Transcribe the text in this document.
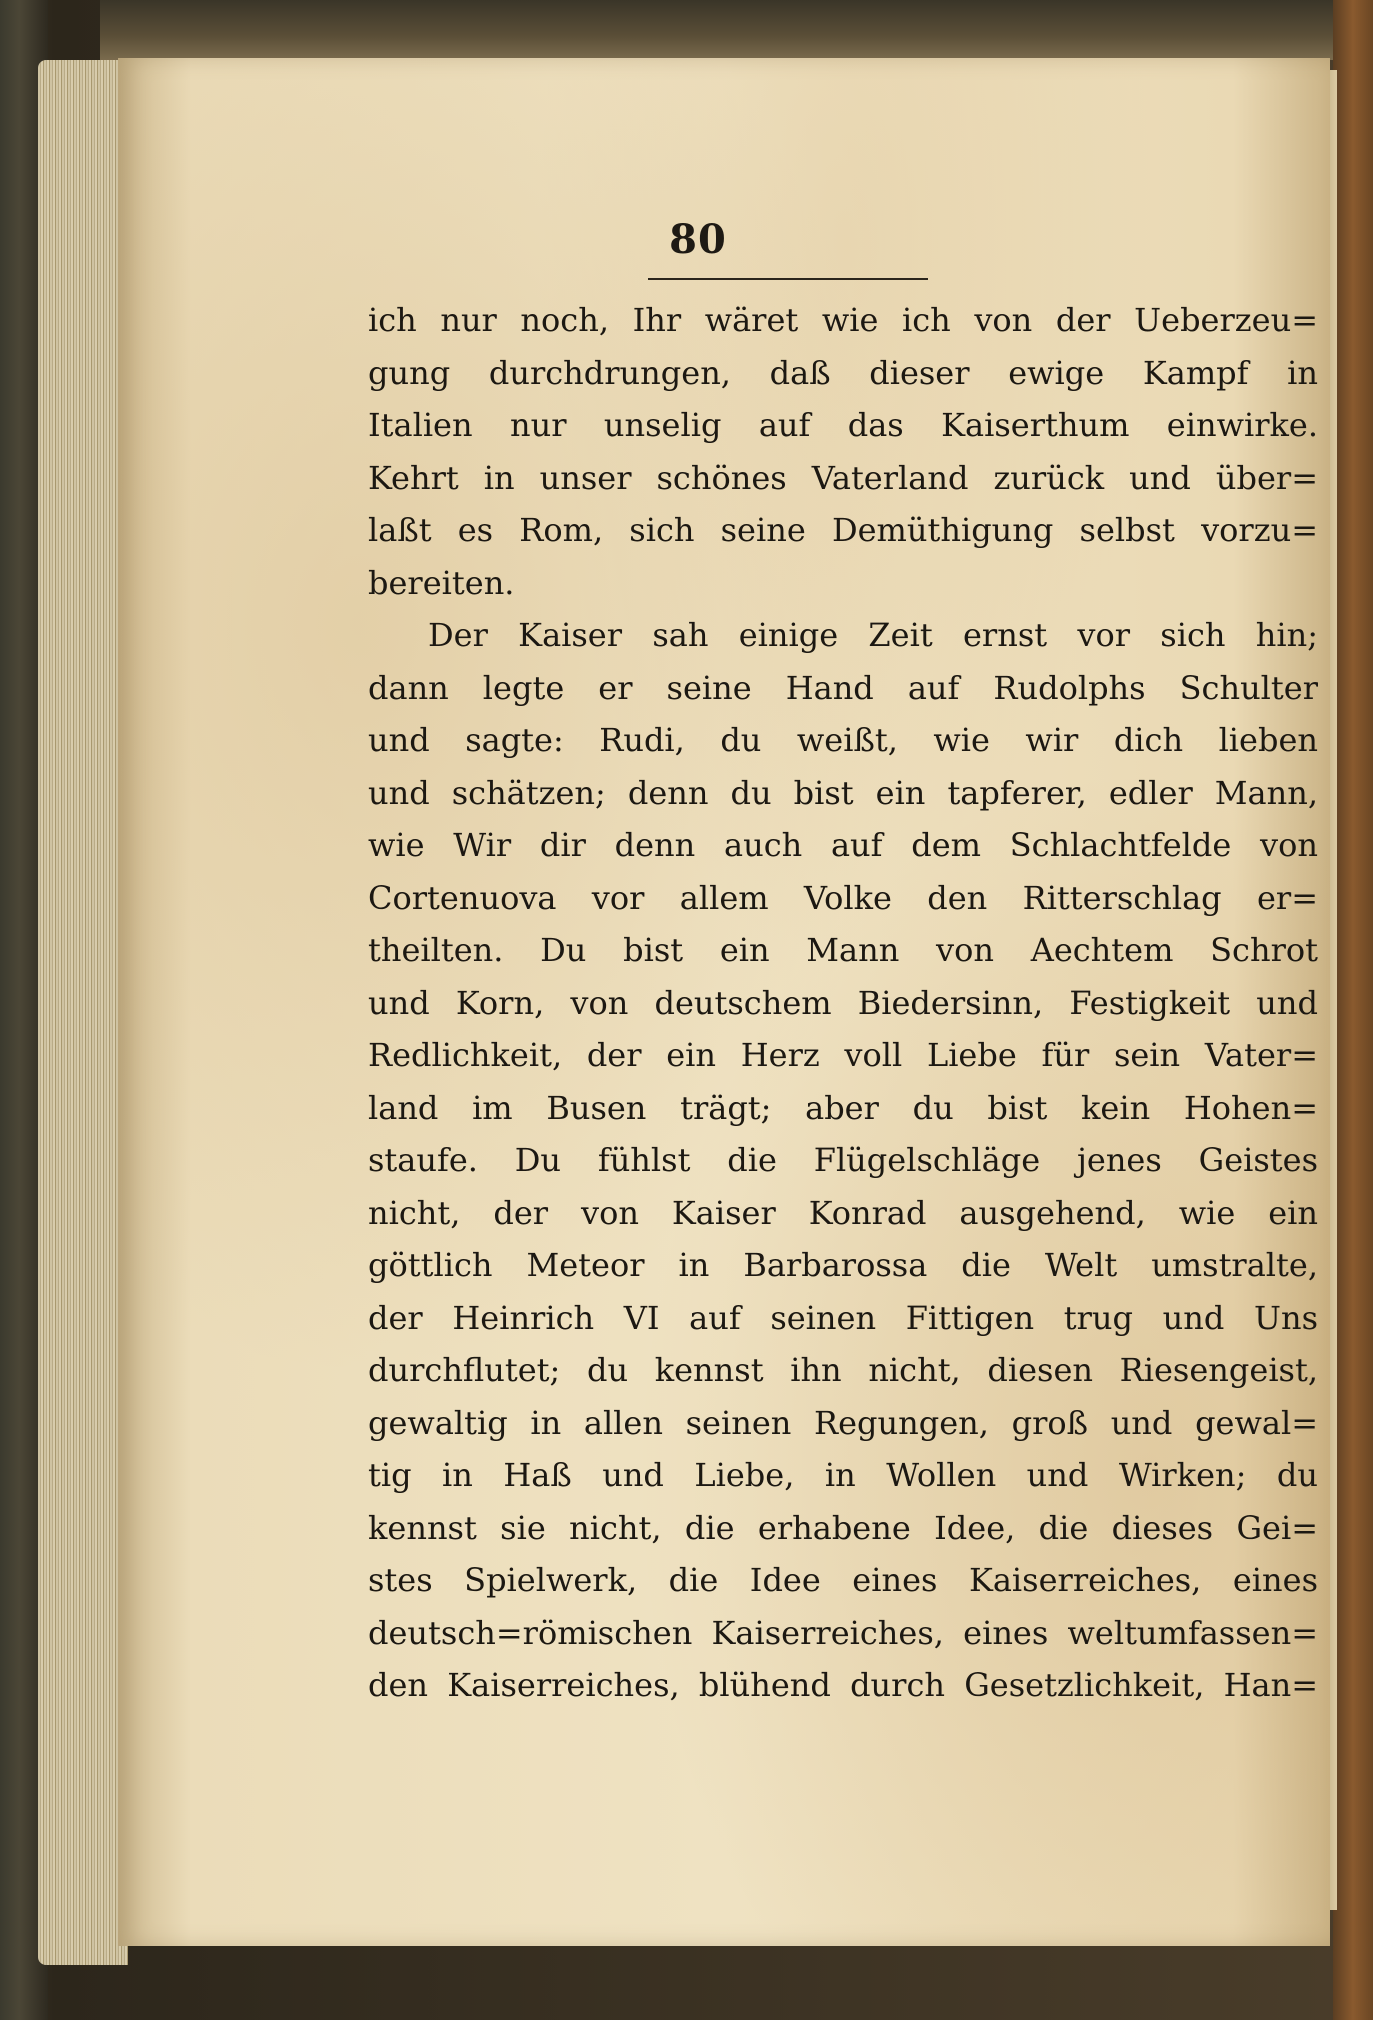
80
ich nur noch, Ihr wäret wie ich von der Ueberzeu=
gung durchdrungen, daß dieser ewige Kampf in
Italien nur unselig auf das Kaiserthum einwirke.
Kehrt in unser schönes Vaterland zurück und über=
laßt es Rom, sich seine Demüthigung selbst vorzu=
bereiten.
Der Kaiser sah einige Zeit ernst vor sich hin;
dann legte er seine Hand auf Rudolphs Schulter
und sagte: Rudi, du weißt, wie wir dich lieben
und schätzen; denn du bist ein tapferer, edler Mann,
wie Wir dir denn auch auf dem Schlachtfelde von
Cortenuova vor allem Volke den Ritterschlag er=
theilten. Du bist ein Mann von Aechtem Schrot
und Korn, von deutschem Biedersinn, Festigkeit und
Redlichkeit, der ein Herz voll Liebe für sein Vater=
land im Busen trägt; aber du bist kein Hohen=
staufe. Du fühlst die Flügelschläge jenes Geistes
nicht, der von Kaiser Konrad ausgehend, wie ein
göttlich Meteor in Barbarossa die Welt umstralte,
der Heinrich VI auf seinen Fittigen trug und Uns
durchflutet; du kennst ihn nicht, diesen Riesengeist,
gewaltig in allen seinen Regungen, groß und gewal=
tig in Haß und Liebe, in Wollen und Wirken; du
kennst sie nicht, die erhabene Idee, die dieses Gei=
stes Spielwerk, die Idee eines Kaiserreiches, eines
deutsch=römischen Kaiserreiches, eines weltumfassen=
den Kaiserreiches, blühend durch Gesetzlichkeit, Han=
